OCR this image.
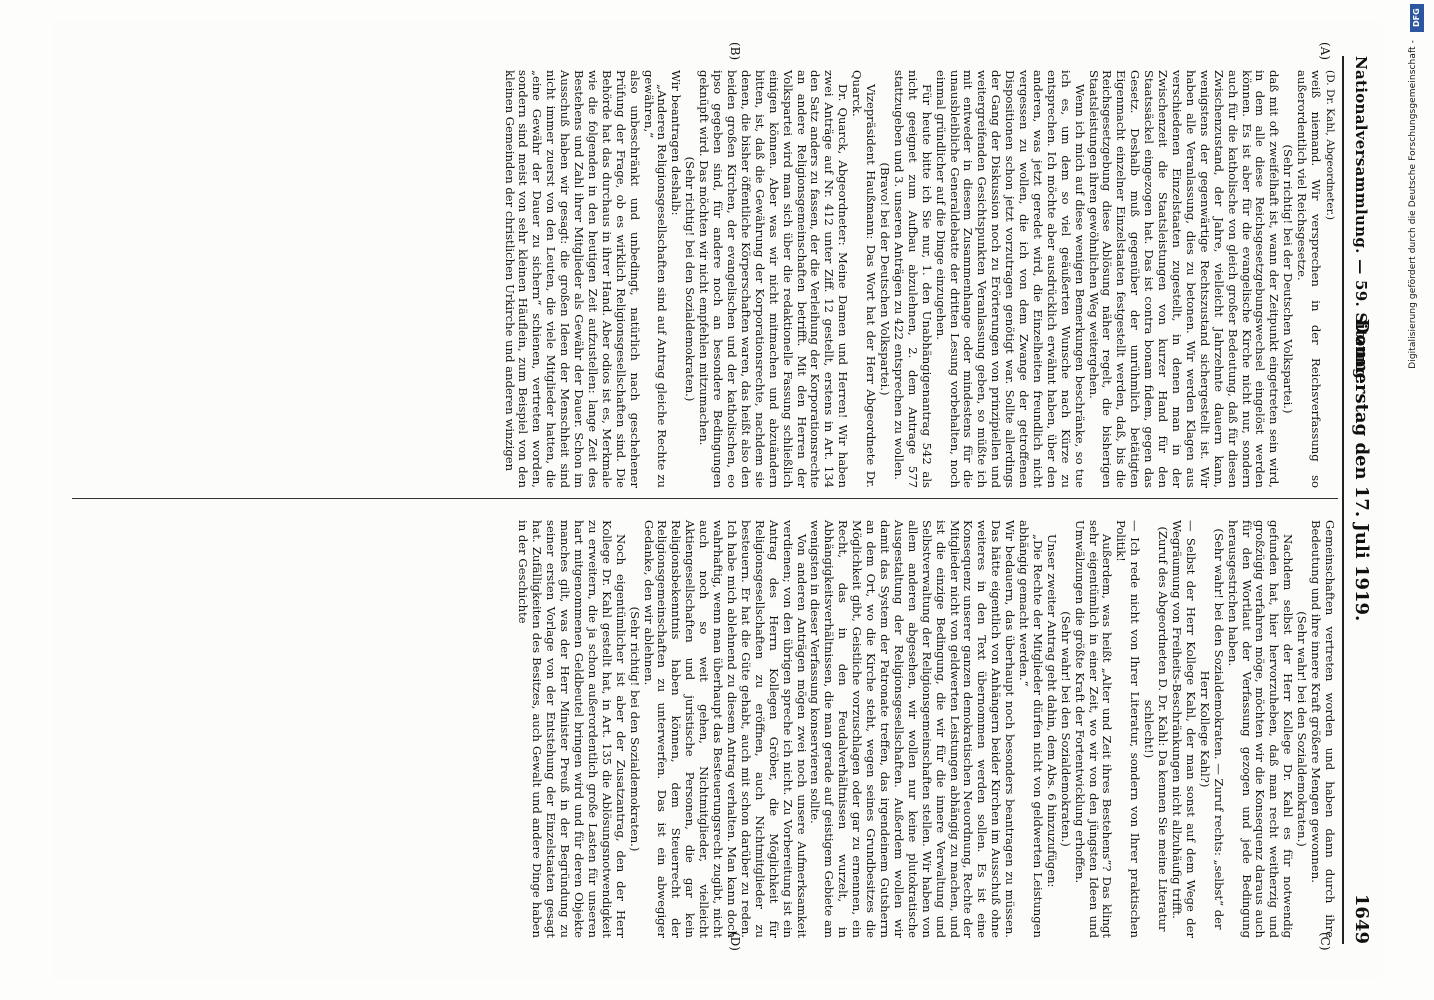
Nationalversammlung. — 59. Sitzung.
Donnerstag den 17. Juli 1919.  1649
(A)
(B)
(C)
(D)

(D. Dr. Kahl, Abgeordneter.)

weiß niemand. Wir versprechen in der Reichsverfassung so außerordentlich viel Reichsgesetze.

(Sehr richtig! bei der Deutschen Volkspartei.)

daß mit oft zweifelhaft ist, wann der Zeitpunkt eingetreten sein wird, in dem alle diese Reichsgesetzgebungswechsel eingelöst werden können. Es ist aber für die evangelische Kirche nicht nur, sondern auch für die katholische von gleich großer Bedeutung, daß für diesen Zwischenzustand, der Jahre, vielleicht Jahrzehnte dauern kann, wenigstens der gegenwärtige Rechtszustand sichergestellt ist. Wir haben alle Veranlassung, dies zu betonen. Wir werden Klagen aus verschiedenen Einzelstaaten zugestellt, in denen man in der Zwischenzeit die Staatsleistungen von kurzer Hand für den Staatssäckel eingezogen hat. Das ist contra bonam fidem, gegen das Gesetz. Deshalb muß gegenüber der unrühmlich betätigten Eigenmacht einzelner Einzelstaaten festgestellt werden, daß, bis die Reichsgesetzgebung diese Ablösung näher regelt, die bisherigen Staatsleistungen ihren gewöhnlichen Weg weitergehen.

Wenn ich mich auf diese wenigen Bemerkungen beschränke, so tue ich es, um dem so viel geäußerten Wunsche nach Kürze zu entsprechen. Ich möchte aber ausdrücklich erwähnt haben, über den anderen, was jetzt geredet wird, die Einzelheiten freundlich nicht vergessen zu wollen, die ich von dem Zwange der getroffenen Dispositionen schon jetzt vorzutragen genötigt war. Sollte allerdings der Gang der Diskussion noch zu Erörterungen von prinzipiellen und weitergreifenden Gesichtspunkten Veranlassung geben, so müßte ich mit entweder in diesem Zusammenhange oder mindestens für die unausbleibliche Generaldebatte der dritten Lesung vorbehalten, noch einmal gründlicher auf die Dinge einzugehen.

Für heute bitte ich Sie nur, 1. den Unabhängigenantrag 542 als nicht geeignet zum Aufbau abzulehnen, 2. dem Antrage 577 stattzugeben und 3. unseren Anträgen zu 422 entsprechen zu wollen.

(Bravo! bei der Deutschen Volkspartei.)

Vizepräsident Haußmann: Das Wort hat der Herr Abgeordnete Dr. Quarck.

Dr. Quarck, Abgeordneter: Meine Damen und Herren! Wir haben zwei Anträge auf Nr. 412 unter Ziff. 12 gestellt, erstens in Art. 134 den Satz anders zu fassen, der die Verleihung der Korporationsrechte an andere Religionsgemeinschaften betrifft. Mit den Herren der Volkspartei wird man sich über die redaktionelle Fassung schließlich einigen können. Aber was wir nicht mitmachen und abzuändern bitten, ist, daß die Gewährung der Korporationsrechte, nachdem sie denen, die bisher öffentliche Körperschaften waren, das heißt also den beiden großen Kirchen, der evangelischen und der katholischen, eo ipso gegeben sind, für andere noch an besondere Bedingungen geknüpft wird. Das möchten wir nicht empfehlen mitzumachen.

(Sehr richtig! bei den Sozialdemokraten.)

Wir beantragen deshalb:

„Anderen Religionsgesellschaften sind auf Antrag gleiche Rechte zu gewähren,“

also unbeschränkt und unbedingt, natürlich nach geschehener Prüfung der Frage, ob es wirklich Religionsgesellschaften sind. Die Behörde hat das durchaus in ihrer Hand. Aber odios ist es, Merkmale wie die folgenden in den heutigen Zeit aufzustellen: lange Zeit des Bestehens und Zahl ihrer Mitglieder als Gewähr der Dauer. Schon im Ausschuß haben wir gesagt: die großen Ideen der Menschheit sind nicht immer zuerst von den Leuten, die viele Mitglieder hatten, die „eine Gewähr der Dauer zu sichern“ schienen, vertreten worden, sondern sind meist von sehr kleinen Häuflein, zum Beispiel von den kleinen Gemeinden der christlichen Urkirche und anderen winzigen

Gemeinschaften vertreten worden und haben dann durch ihre Bedeutung und ihre innere Kraft größere Mengen gewonnen.

(Sehr wahr! bei den Sozialdemokraten.)

Nachdem selbst der Herr Kollege Dr. Kahl es für notwendig gefunden hat, hier hervorzuheben, daß man recht weitherzig und großzügig verfahren möge, möchten wir die Konsequenz daraus auch für den Wortlaut der Verfassung gezogen und jede Bedingung herausgestrichen haben.

(Sehr wahr! bei den Sozialdemokraten. — Zuruf rechts: „selbst“ der Herr Kollege Kahl?)

— Selbst der Herr Kollege Kahl, der man sonst auf dem Wege der Wegräumung von Freiheits-Beschränkungen nicht allzuhäufig trifft.

(Zuruf des Abgeordneten D. Dr. Kahl: Da kennen Sie meine Literatur schlecht!)

— Ich rede nicht von Ihrer Literatur, sondern von Ihrer praktischen Politik!

Außerdem, was heißt „Alter und Zeit ihres Bestehens“? Das klingt sehr eigentümlich in einer Zeit, wo wir von den jüngsten Ideen und Umwälzungen die größte Kraft der Fortentwicklung erhoffen.

(Sehr wahr! bei den Sozialdemokraten.)

Unser zweiter Antrag geht dahin, dem Abs. 6 hinzuzufügen:

„Die Rechte der Mitglieder dürfen nicht von geldwerten Leistungen abhängig gemacht werden.“

Wir bedauern, das überhaupt noch besonders beantragen zu müssen. Das hätte eigentlich von Anhängern beider Kirchen im Ausschuß ohne weiteres in den Text übernommen werden sollen. Es ist eine Konsequenz unserer ganzen demokratischen Neuordnung, Rechte der Mitglieder nicht von geldwerten Leistungen abhängig zu machen, und ist die einzige Bedingung, die wir für die innere Verwaltung und Selbstverwaltung der Religionsgemeinschaften stellen. Wir haben von allem anderen abgesehen, wir wollen nur keine plutokratische Ausgestaltung der Religionsgesellschaften. Außerdem wollen wir damit das System der Patronate treffen, das irgendeinem Gutsherrn an dem Ort, wo die Kirche steht, wegen seines Grundbesitzes die Möglichkeit gibt, Geistliche vorzuschlagen oder gar zu ernennen, ein Recht, das in den Feudalverhältnissen wurzelt, in Abhängigkeitsverhältnissen, die man gerade auf geistigem Gebiete am wenigsten in dieser Verfassung konservieren sollte.

Von anderen Anträgen mögen zwei noch unsere Aufmerksamkeit verdienen; von den übrigen spreche ich nicht. Zu Vorbereitung ist ein Antrag des Herrn Kollegen Gröber, die Möglichkeit für Religionsgesellschaften zu eröffnen, auch Nichtmitglieder zu besteuern. Er hat die Güte gehabt, auch mit schon darüber zu reden. Ich habe mich ablehnend zu diesem Antrag verhalten. Man kann doch wahrhaftig, wenn man überhaupt das Besteuerungsrecht zugibt, nicht auch noch so weit gehen, Nichtmitglieder, vielleicht Aktiengesellschaften und juristische Personen, die gar kein Religionsbekenntnis haben können, dem Steuerrecht der Religionsgemeinschaften zu unterwerfen. Das ist ein abwegiger Gedanke, den wir ablehnen.

(Sehr richtig! bei den Sozialdemokraten.)

Noch eigentümlicher ist aber der Zusatzantrag, den der Herr Kollege Dr. Kahl gestellt hat, in Art. 135 die Ablösungsnotwendigkeit zu erweitern, die ja schon außerordentlich große Lasten für unseren hart mitgenommenen Geldbeutel bringen wird und für deren Objekte manches gilt, was der Herr Minister Preuß in der Begründung zu seiner ersten Vorlage von der Entstehung der Einzelstaaten gesagt hat. Zufälligkeiten des Besitzes, auch Gewalt und andere Dinge haben in der Geschichte

DFG
Digitalisierung gefördert durch die Deutsche Forschungsgemeinschaft -
